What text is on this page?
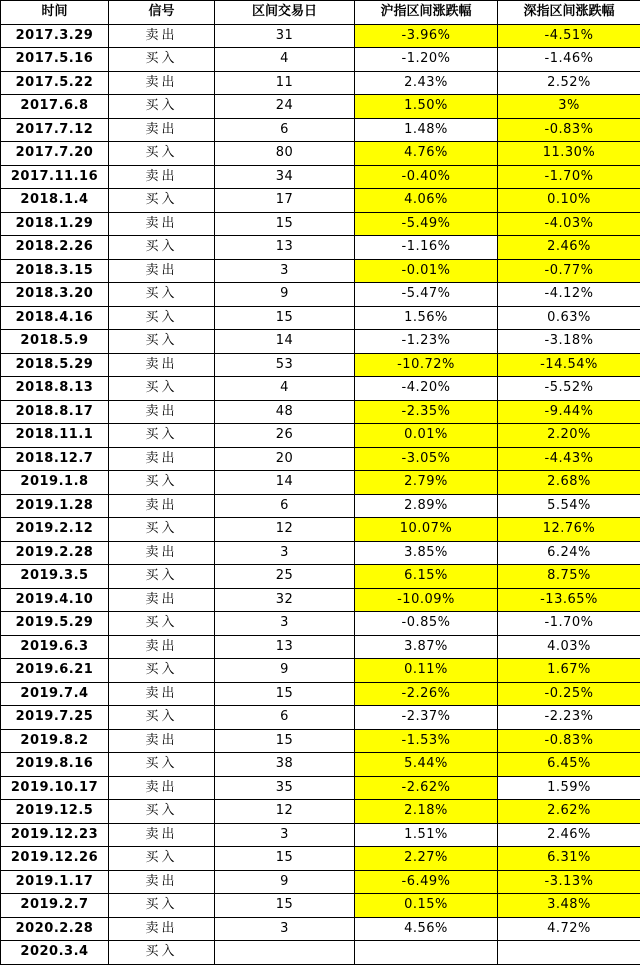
时间	信号	区间交易日	沪指区间涨跌幅	深指区间涨跌幅
2017.3.29	卖出	31	-3.96%	-4.51%
2017.5.16	买入	4	-1.20%	-1.46%
2017.5.22	卖出	11	2.43%	2.52%
2017.6.8	买入	24	1.50%	3%
2017.7.12	卖出	6	1.48%	-0.83%
2017.7.20	买入	80	4.76%	11.30%
2017.11.16	卖出	34	-0.40%	-1.70%
2018.1.4	买入	17	4.06%	0.10%
2018.1.29	卖出	15	-5.49%	-4.03%
2018.2.26	买入	13	-1.16%	2.46%
2018.3.15	卖出	3	-0.01%	-0.77%
2018.3.20	买入	9	-5.47%	-4.12%
2018.4.16	买入	15	1.56%	0.63%
2018.5.9	买入	14	-1.23%	-3.18%
2018.5.29	卖出	53	-10.72%	-14.54%
2018.8.13	买入	4	-4.20%	-5.52%
2018.8.17	卖出	48	-2.35%	-9.44%
2018.11.1	买入	26	0.01%	2.20%
2018.12.7	卖出	20	-3.05%	-4.43%
2019.1.8	买入	14	2.79%	2.68%
2019.1.28	卖出	6	2.89%	5.54%
2019.2.12	买入	12	10.07%	12.76%
2019.2.28	卖出	3	3.85%	6.24%
2019.3.5	买入	25	6.15%	8.75%
2019.4.10	卖出	32	-10.09%	-13.65%
2019.5.29	买入	3	-0.85%	-1.70%
2019.6.3	卖出	13	3.87%	4.03%
2019.6.21	买入	9	0.11%	1.67%
2019.7.4	卖出	15	-2.26%	-0.25%
2019.7.25	买入	6	-2.37%	-2.23%
2019.8.2	卖出	15	-1.53%	-0.83%
2019.8.16	买入	38	5.44%	6.45%
2019.10.17	卖出	35	-2.62%	1.59%
2019.12.5	买入	12	2.18%	2.62%
2019.12.23	卖出	3	1.51%	2.46%
2019.12.26	买入	15	2.27%	6.31%
2019.1.17	卖出	9	-6.49%	-3.13%
2019.2.7	买入	15	0.15%	3.48%
2020.2.28	卖出	3	4.56%	4.72%
2020.3.4	买入			
